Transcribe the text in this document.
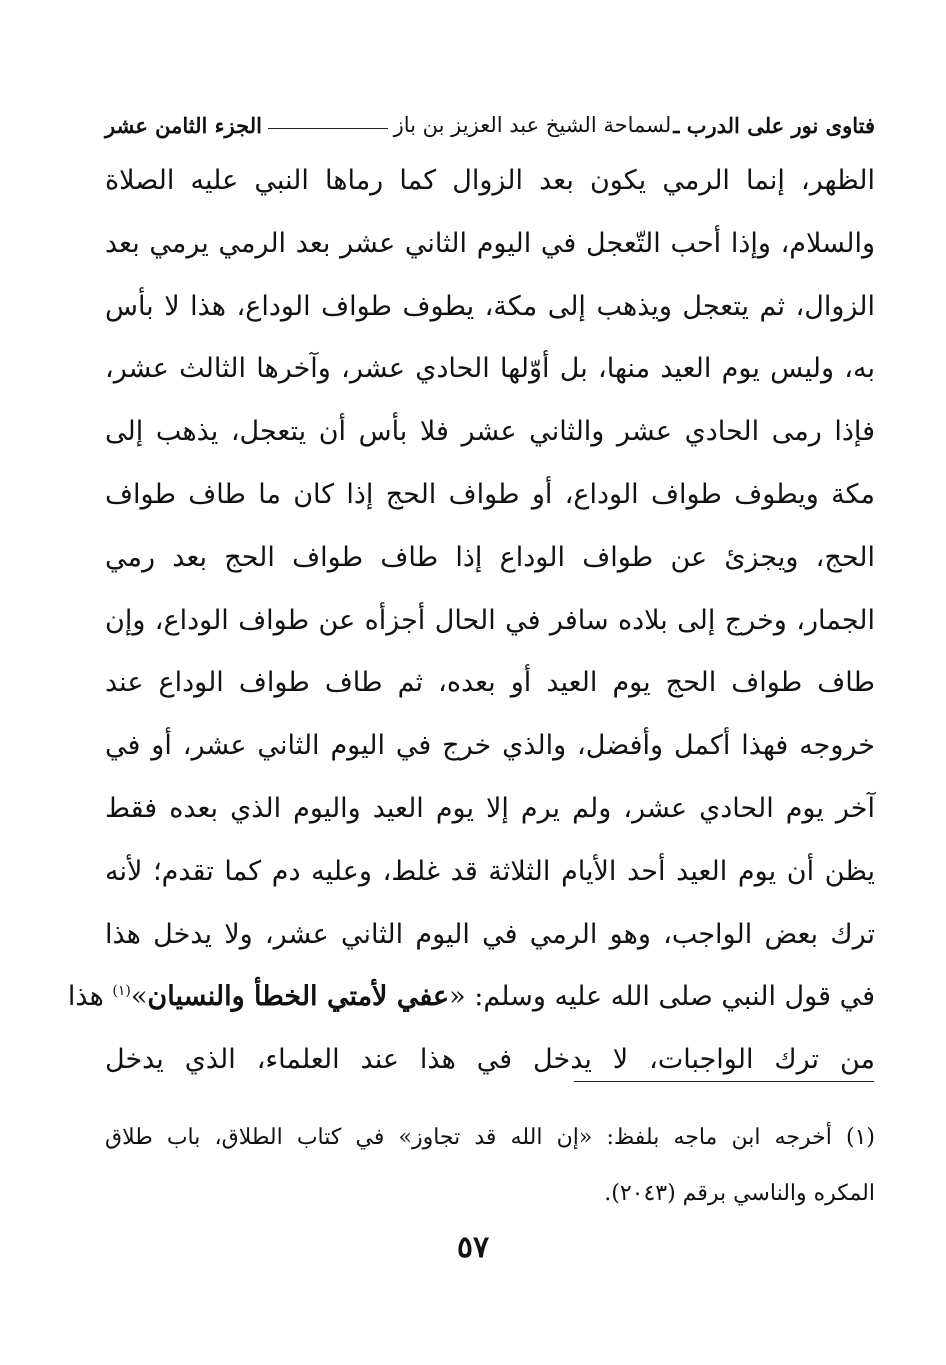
فتاوى نور على الدرب ـ
لسماحة الشيخ عبد العزيز بن باز
الجزء الثامن عشر
الظهر، إنما الرمي يكون بعد الزوال كما رماها النبي عليه الصلاة
والسلام، وإذا أحب التّعجل في اليوم الثاني عشر بعد الرمي يرمي بعد
الزوال، ثم يتعجل ويذهب إلى مكة، يطوف طواف الوداع، هذا لا بأس
به، وليس يوم العيد منها، بل أوّلها الحادي عشر، وآخرها الثالث عشر،
فإذا رمى الحادي عشر والثاني عشر فلا بأس أن يتعجل، يذهب إلى
مكة ويطوف طواف الوداع، أو طواف الحج إذا كان ما طاف طواف
الحج، ويجزئ عن طواف الوداع إذا طاف طواف الحج بعد رمي
الجمار، وخرج إلى بلاده سافر في الحال أجزأه عن طواف الوداع، وإن
طاف طواف الحج يوم العيد أو بعده، ثم طاف طواف الوداع عند
خروجه فهذا أكمل وأفضل، والذي خرج في اليوم الثاني عشر، أو في
آخر يوم الحادي عشر، ولم يرم إلا يوم العيد واليوم الذي بعده فقط
يظن أن يوم العيد أحد الأيام الثلاثة قد غلط، وعليه دم كما تقدم؛ لأنه
ترك بعض الواجب، وهو الرمي في اليوم الثاني عشر، ولا يدخل هذا
في قول النبي صلى الله عليه وسلم: «عفي لأمتي الخطأ والنسيان»$^{(١)}$ هذا
من ترك الواجبات، لا يدخل في هذا عند العلماء، الذي يدخل
(١) أخرجه ابن ماجه بلفظ: «إن الله قد تجاوز» في كتاب الطلاق، باب طلاق
المكره والناسي برقم (٢٠٤٣).
٥٧
